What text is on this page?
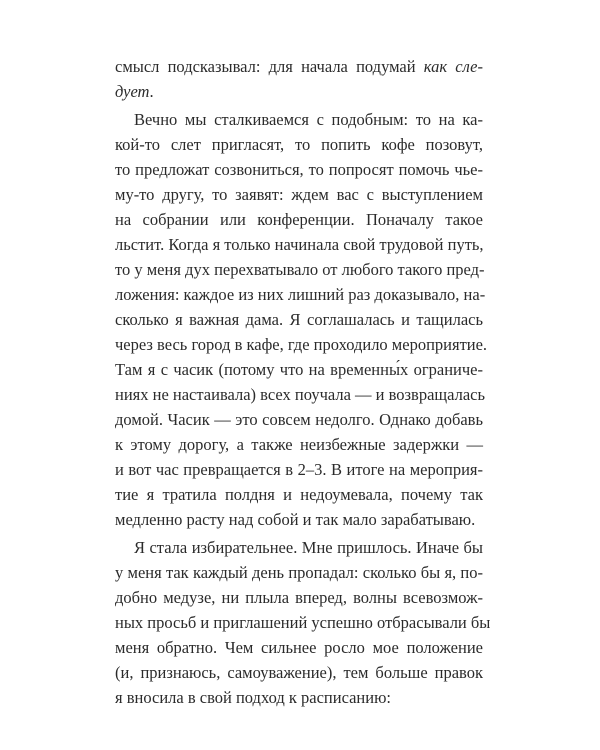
смысл подсказывал: для начала подумай как сле-
дует.
Вечно мы сталкиваемся с подобным: то на ка-
кой-то слет пригласят, то попить кофе позовут,
то предложат созвониться, то попросят помочь чье-
му-то другу, то заявят: ждем вас с выступлением
на собрании или конференции. Поначалу такое
льстит. Когда я только начинала свой трудовой путь,
то у меня дух перехватывало от любого такого пред-
ложения: каждое из них лишний раз доказывало, на-
сколько я важная дама. Я соглашалась и тащилась
через весь город в кафе, где проходило мероприятие.
Там я с часик (потому что на временны́х ограниче-
ниях не настаивала) всех поучала — и возвращалась
домой. Часик — это совсем недолго. Однако добавь
к этому дорогу, а также неизбежные задержки —
и вот час превращается в 2–3. В итоге на мероприя-
тие я тратила полдня и недоумевала, почему так
медленно расту над собой и так мало зарабатываю.
Я стала избирательнее. Мне пришлось. Иначе бы
у меня так каждый день пропадал: сколько бы я, по-
добно медузе, ни плыла вперед, волны всевозмож-
ных просьб и приглашений успешно отбрасывали бы
меня обратно. Чем сильнее росло мое положение
(и, признаюсь, самоуважение), тем больше правок
я вносила в свой подход к расписанию:
